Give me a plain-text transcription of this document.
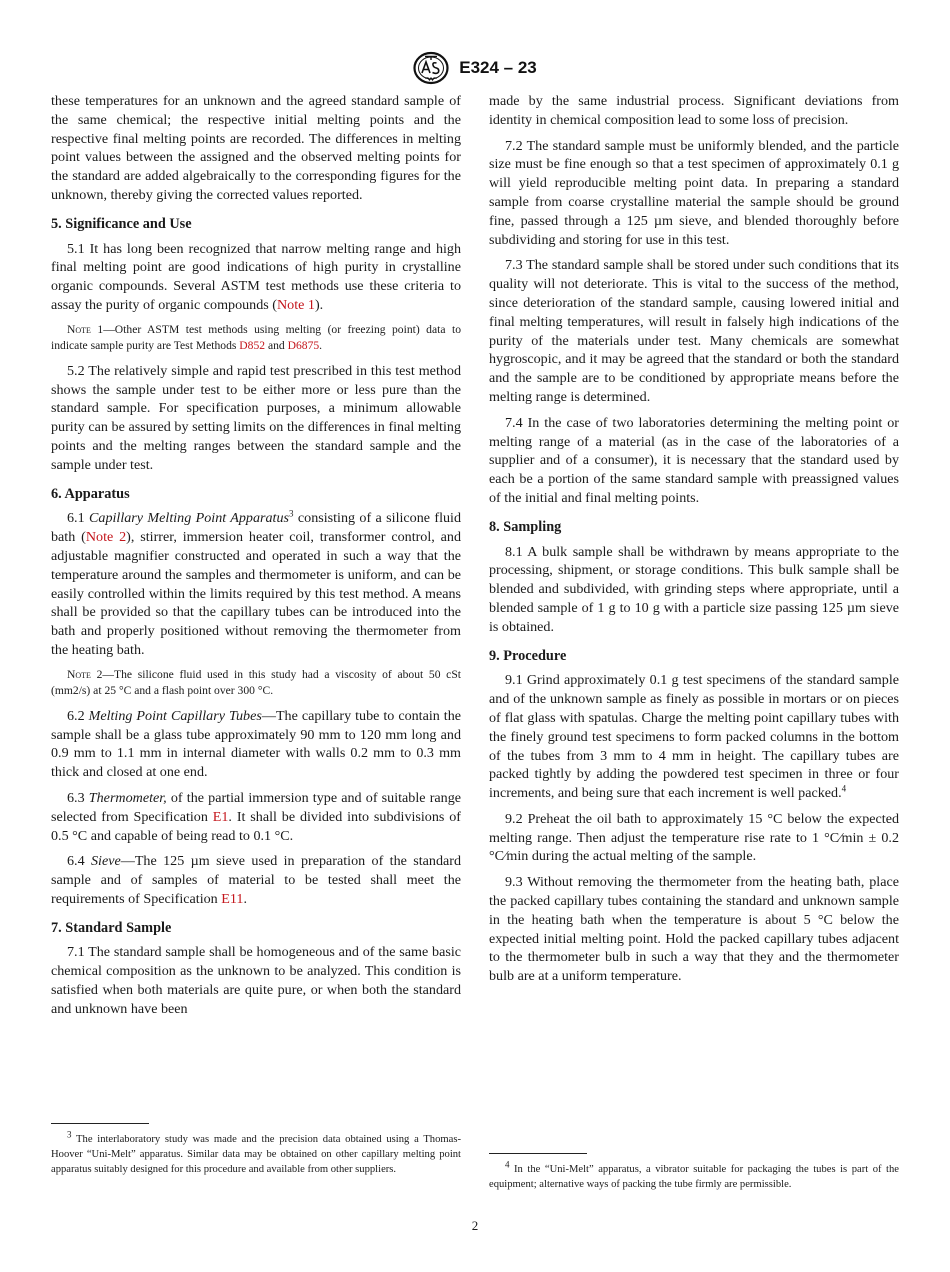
E324 – 23

these temperatures for an unknown and the agreed standard sample of the same chemical; the respective initial melting points and the respective final melting points are recorded. The differences in melting point values between the assigned and the observed melting points for the standard are added algebraically to the corresponding figures for the unknown, thereby giving the corrected values reported.

5. Significance and Use

5.1 It has long been recognized that narrow melting range and high final melting point are good indications of high purity in crystalline organic compounds. Several ASTM test methods use these criteria to assay the purity of organic compounds (Note 1).

Note 1—Other ASTM test methods using melting (or freezing point) data to indicate sample purity are Test Methods D852 and D6875.

5.2 The relatively simple and rapid test prescribed in this test method shows the sample under test to be either more or less pure than the standard sample. For specification purposes, a minimum allowable purity can be assured by setting limits on the differences in final melting points and the melting ranges between the standard sample and the sample under test.

6. Apparatus

6.1 Capillary Melting Point Apparatus$^3$ consisting of a silicone fluid bath (Note 2), stirrer, immersion heater coil, transformer control, and adjustable magnifier constructed and operated in such a way that the temperature around the samples and thermometer is uniform, and can be easily controlled within the limits required by this test method. A means shall be provided so that the capillary tubes can be introduced into the bath and properly positioned without removing the thermometer from the heating bath.

Note 2—The silicone fluid used in this study had a viscosity of about 50 cSt (mm2/s) at 25 °C and a flash point over 300 °C.

6.2 Melting Point Capillary Tubes—The capillary tube to contain the sample shall be a glass tube approximately 90 mm to 120 mm long and 0.9 mm to 1.1 mm in internal diameter with walls 0.2 mm to 0.3 mm thick and closed at one end.

6.3 Thermometer, of the partial immersion type and of suitable range selected from Specification E1. It shall be divided into subdivisions of 0.5 °C and capable of being read to 0.1 °C.

6.4 Sieve—The 125 µm sieve used in preparation of the standard sample and of samples of material to be tested shall meet the requirements of Specification E11.

7. Standard Sample

7.1 The standard sample shall be homogeneous and of the same basic chemical composition as the unknown to be analyzed. This condition is satisfied when both materials are quite pure, or when both the standard and unknown have been

$^3$ The interlaboratory study was made and the precision data obtained using a Thomas-Hoover “Uni-Melt” apparatus. Similar data may be obtained on other capillary melting point apparatus suitably designed for this procedure and available from other suppliers.

made by the same industrial process. Significant deviations from identity in chemical composition lead to some loss of precision.

7.2 The standard sample must be uniformly blended, and the particle size must be fine enough so that a test specimen of approximately 0.1 g will yield reproducible melting point data. In preparing a standard sample from coarse crystalline material the sample should be ground fine, passed through a 125 µm sieve, and blended thoroughly before subdividing and storing for use in this test.

7.3 The standard sample shall be stored under such conditions that its quality will not deteriorate. This is vital to the success of the method, since deterioration of the standard sample, causing lowered initial and final melting temperatures, will result in falsely high indications of the purity of the materials under test. Many chemicals are somewhat hygroscopic, and it may be agreed that the standard or both the standard and the sample are to be conditioned by appropriate means before the melting range is determined.

7.4 In the case of two laboratories determining the melting point or melting range of a material (as in the case of the laboratories of a supplier and of a consumer), it is necessary that the standard used by each be a portion of the same standard sample with preassigned values of the initial and final melting points.

8. Sampling

8.1 A bulk sample shall be withdrawn by means appropriate to the processing, shipment, or storage conditions. This bulk sample shall be blended and subdivided, with grinding steps where appropriate, until a blended sample of 1 g to 10 g with a particle size passing 125 µm sieve is obtained.

9. Procedure

9.1 Grind approximately 0.1 g test specimens of the standard sample and of the unknown sample as finely as possible in mortars or on pieces of flat glass with spatulas. Charge the melting point capillary tubes with the finely ground test specimens to form packed columns in the bottom of the tubes from 3 mm to 4 mm in height. The capillary tubes are packed tightly by adding the powdered test specimen in three or four increments, and being sure that each increment is well packed.$^4$

9.2 Preheat the oil bath to approximately 15 °C below the expected melting range. Then adjust the temperature rise rate to 1 °C⁄min ± 0.2 °C⁄min during the actual melting of the sample.

9.3 Without removing the thermometer from the heating bath, place the packed capillary tubes containing the standard and unknown sample in the heating bath when the temperature is about 5 °C below the expected initial melting point. Hold the packed capillary tubes adjacent to the thermometer bulb in such a way that they and the thermometer bulb are at a uniform temperature.

$^4$ In the “Uni-Melt” apparatus, a vibrator suitable for packaging the tubes is part of the equipment; alternative ways of packing the tube firmly are permissible.
2
